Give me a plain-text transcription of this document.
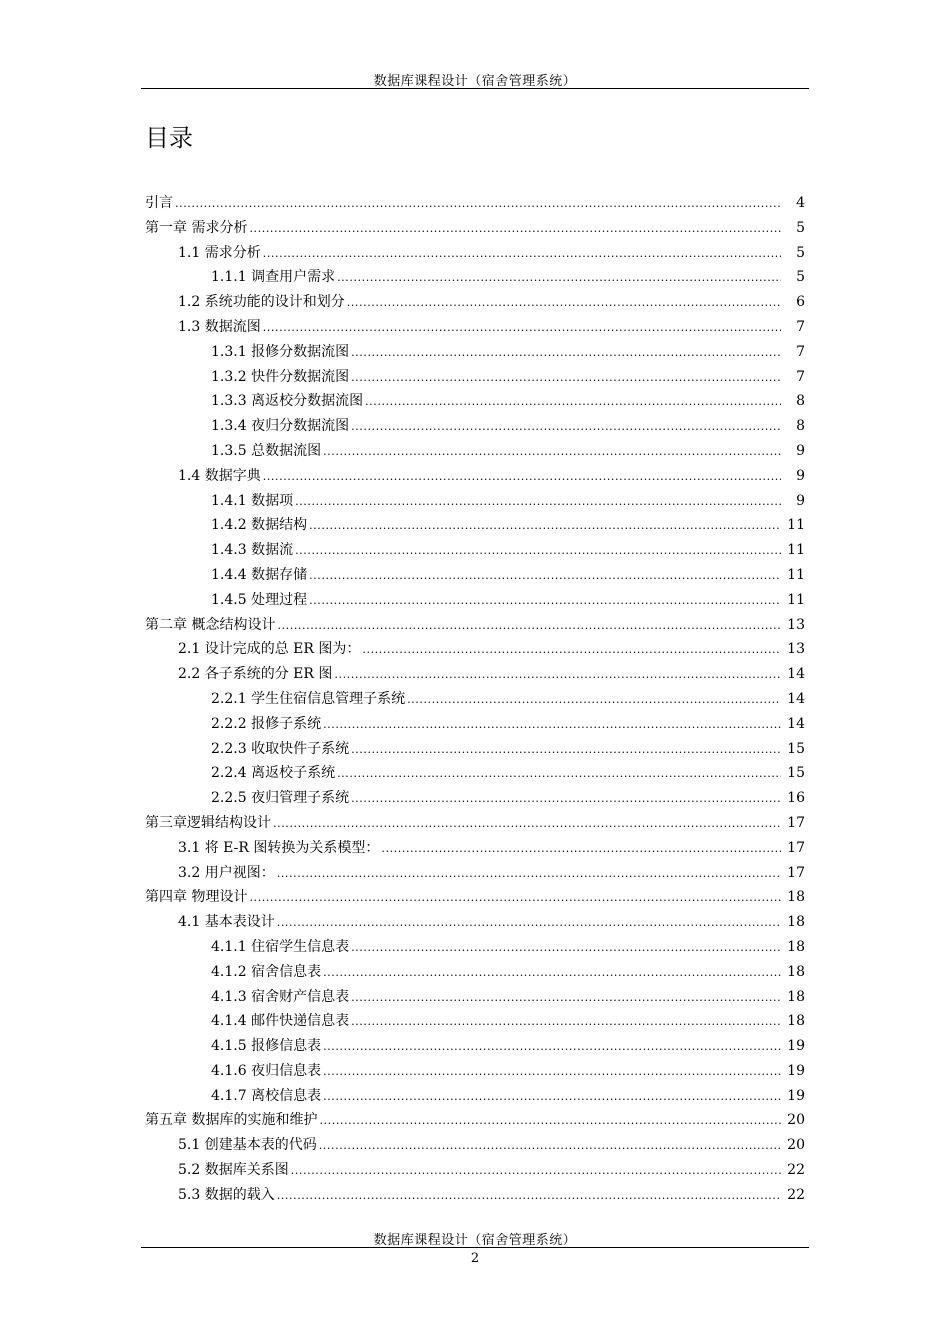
数据库课程设计（宿舍管理系统）
目录
引言 .....	4
第一章 需求分析 .....	5
1.1 需求分析 .....	5
1.1.1 调查用户需求 .....	5
1.2 系统功能的设计和划分 .....	6
1.3 数据流图 .....	7
1.3.1 报修分数据流图 .....	7
1.3.2 快件分数据流图 .....	7
1.3.3 离返校分数据流图 .....	8
1.3.4 夜归分数据流图 .....	8
1.3.5 总数据流图 .....	9
1.4 数据字典 .....	9
1.4.1 数据项 .....	9
1.4.2 数据结构 .....	11
1.4.3 数据流 .....	11
1.4.4 数据存储 .....	11
1.4.5 处理过程 .....	11
第二章 概念结构设计 .....	13
2.1 设计完成的总 ER 图为： .....	13
2.2 各子系统的分 ER 图 .....	14
2.2.1 学生住宿信息管理子系统 .....	14
2.2.2 报修子系统 .....	14
2.2.3 收取快件子系统 .....	15
2.2.4 离返校子系统 .....	15
2.2.5 夜归管理子系统 .....	16
第三章逻辑结构设计 .....	17
3.1 将 E-R 图转换为关系模型： .....	17
3.2 用户视图： .....	17
第四章 物理设计 .....	18
4.1 基本表设计 .....	18
4.1.1 住宿学生信息表 .....	18
4.1.2 宿舍信息表 .....	18
4.1.3 宿舍财产信息表 .....	18
4.1.4 邮件快递信息表 .....	18
4.1.5 报修信息表 .....	19
4.1.6 夜归信息表 .....	19
4.1.7 离校信息表 .....	19
第五章 数据库的实施和维护 .....	20
5.1 创建基本表的代码 .....	20
5.2 数据库关系图 .....	22
5.3 数据的载入 .....	22
数据库课程设计（宿舍管理系统）
2
